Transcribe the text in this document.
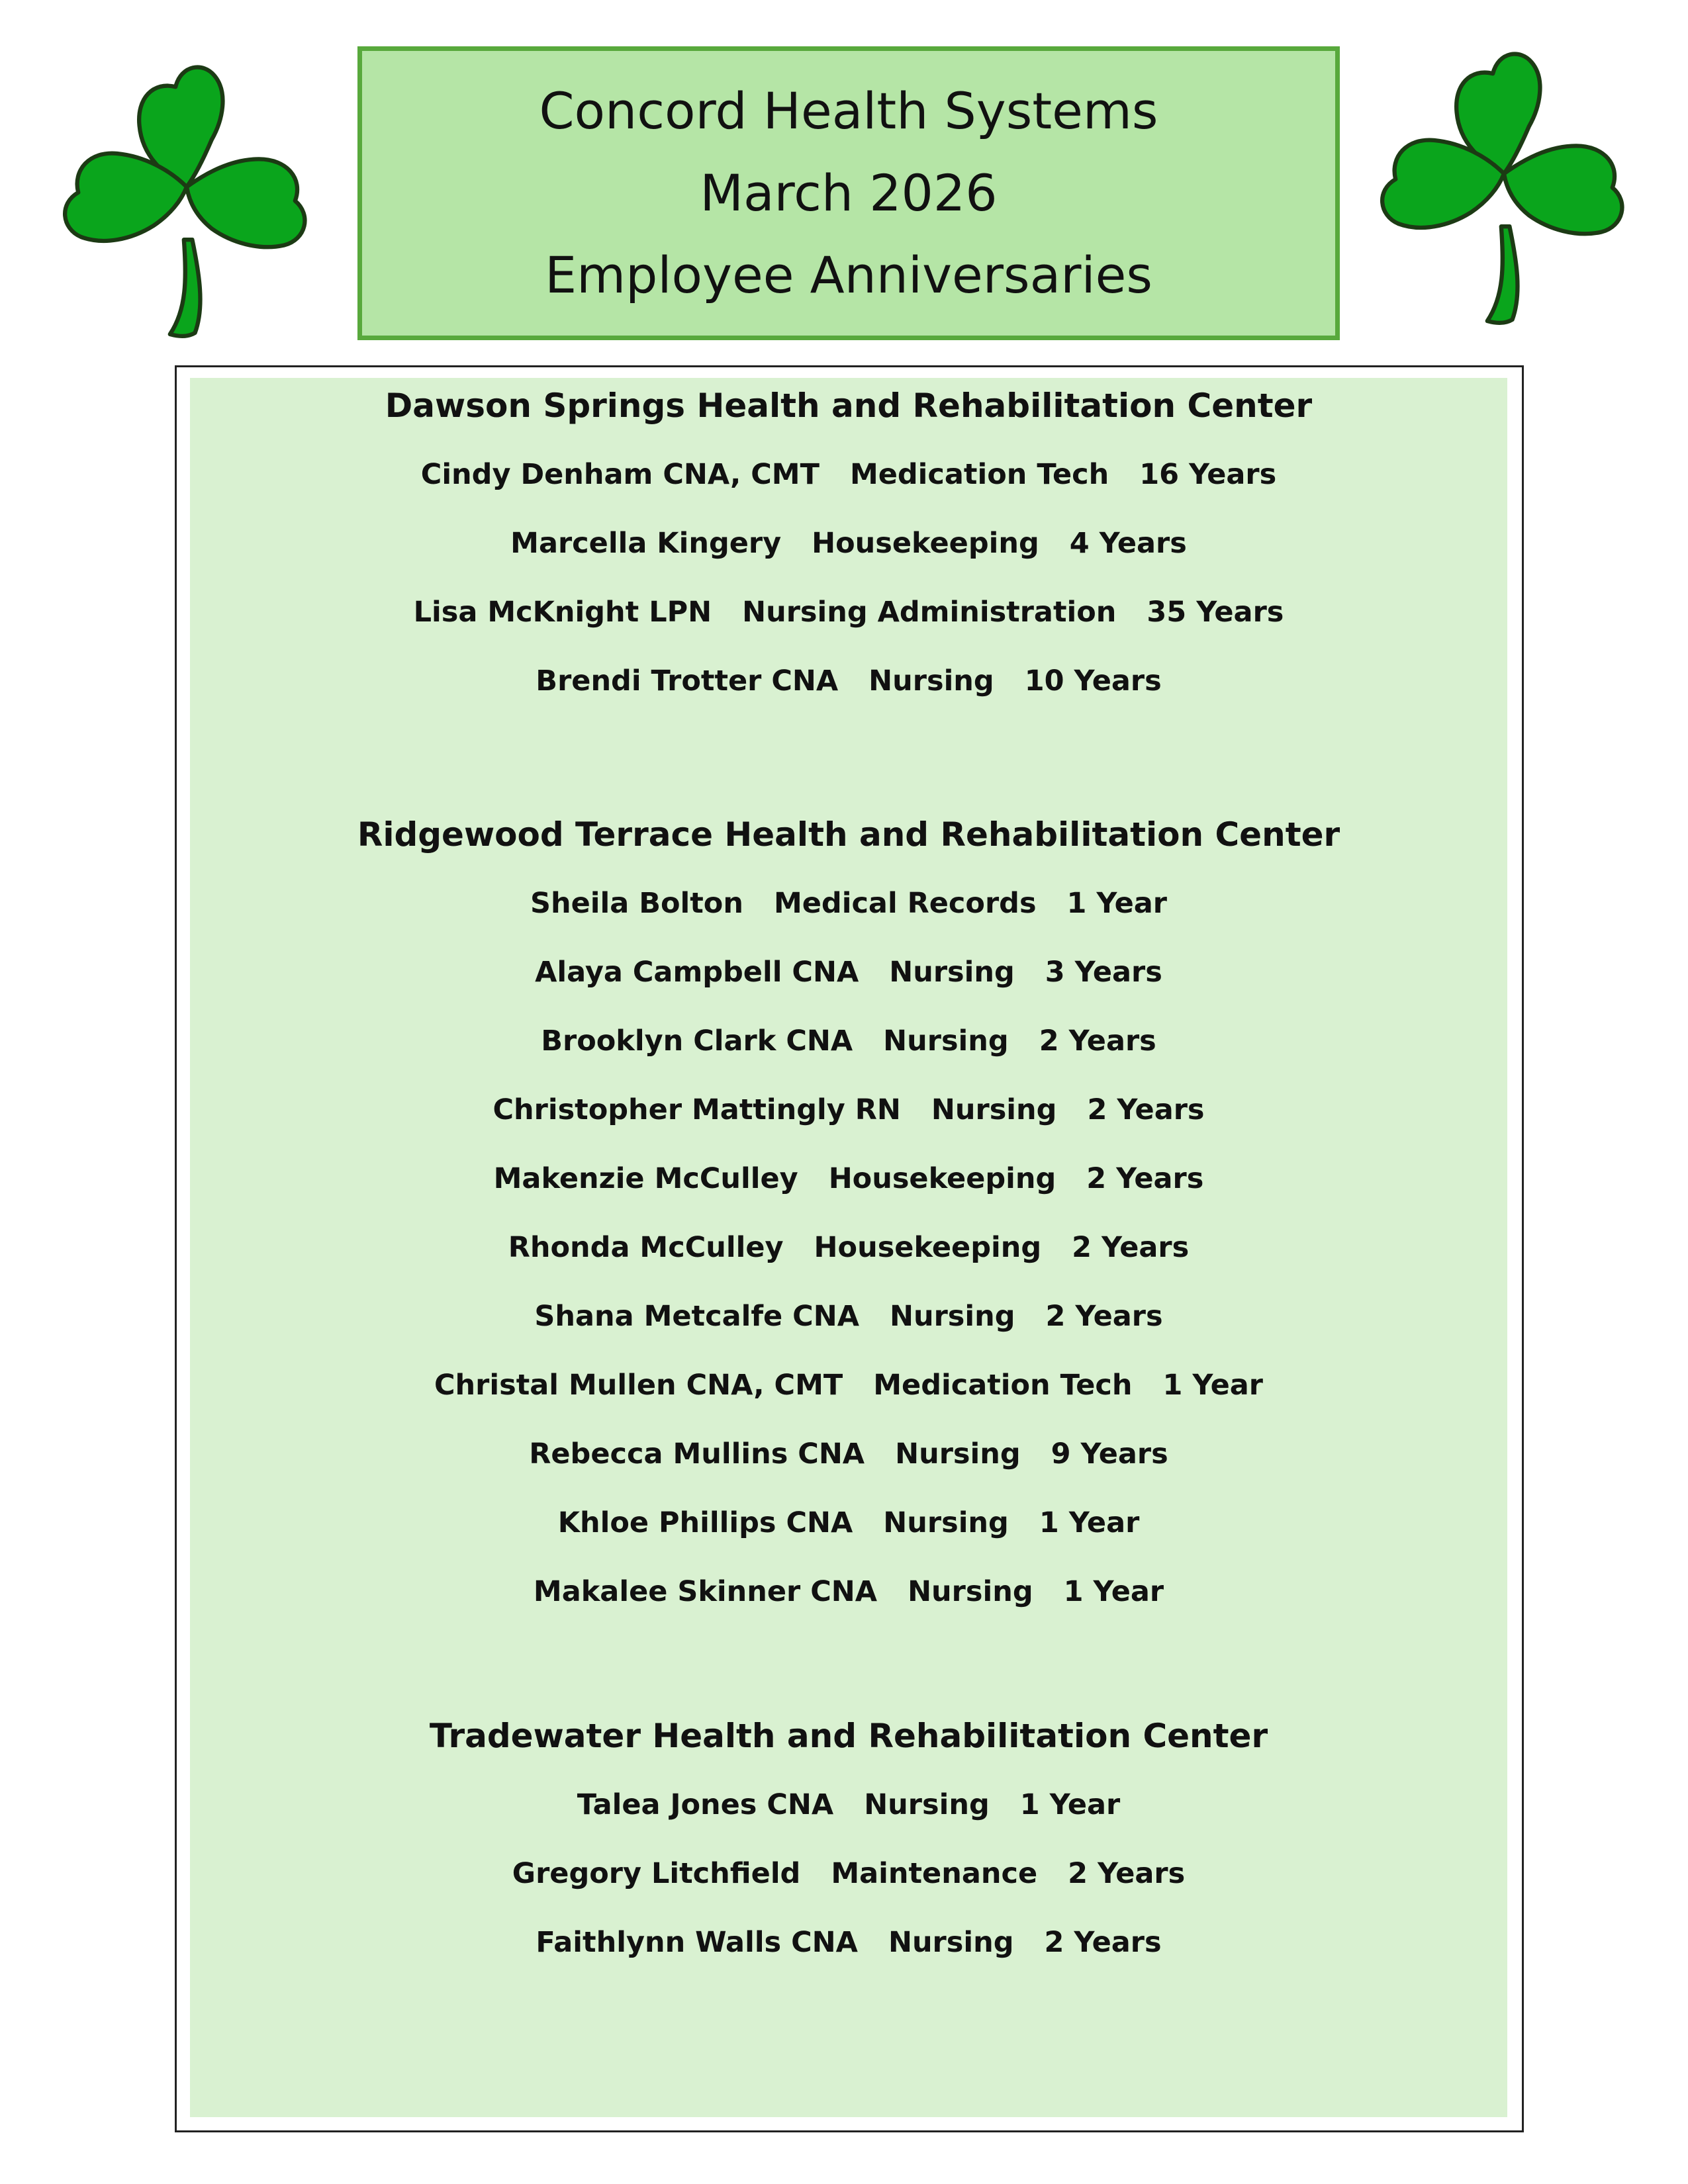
Concord Health Systems
March 2026
Employee Anniversaries
Dawson Springs Health and Rehabilitation Center
Cindy Denham CNA, CMT Medication Tech 16 Years
Marcella Kingery Housekeeping 4 Years
Lisa McKnight LPN Nursing Administration 35 Years
Brendi Trotter CNA Nursing 10 Years
Ridgewood Terrace Health and Rehabilitation Center
Sheila Bolton Medical Records 1 Year
Alaya Campbell CNA Nursing 3 Years
Brooklyn Clark CNA Nursing 2 Years
Christopher Mattingly RN Nursing 2 Years
Makenzie McCulley Housekeeping 2 Years
Rhonda McCulley Housekeeping 2 Years
Shana Metcalfe CNA Nursing 2 Years
Christal Mullen CNA, CMT Medication Tech 1 Year
Rebecca Mullins CNA Nursing 9 Years
Khloe Phillips CNA Nursing 1 Year
Makalee Skinner CNA Nursing 1 Year
Tradewater Health and Rehabilitation Center
Talea Jones CNA Nursing 1 Year
Gregory Litchfield Maintenance 2 Years
Faithlynn Walls CNA Nursing 2 Years
